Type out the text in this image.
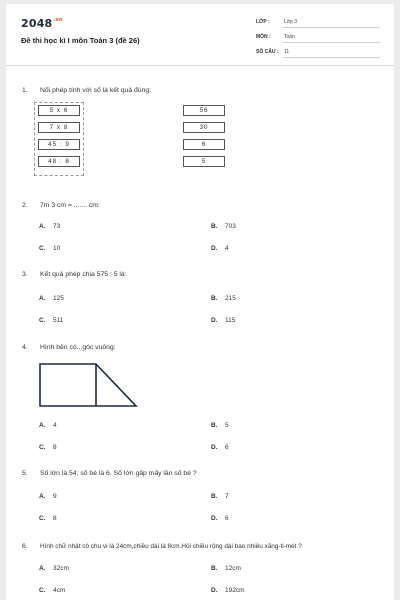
$2048^{.vn}$
Đề thi học kì I môn Toán 3 (đề 26)
LỚP :	Lớp 3
MÔN :	Toán
SỐ CÂU : 11
1. Nối phép tính với số là kết quả đúng:
5 x 6
7 x 8
45 : 9
48 : 8
56
30
6
5
2. 7m 3 cm = ....... cm:
A. 73	B. 703
C. 10	D. 4
3. Kết quả phép chia 575 : 5 là:
A. 125	B. 215
C. 511	D. 115
4. Hình bên có...góc vuông:
A. 4	B. 5
C. 8	D. 6
5. Số lớn là 54; số bé là 6. Số lớn gấp mấy lần số bé ?
A. 9	B. 7
C. 8	D. 6
6. Hình chữ nhật có chu vi là 24cm,chiều dài là 8cm.Hỏi chiều rộng dài bao nhiêu xăng-ti-mét ?
A. 32cm	B. 12cm
C. 4cm	D. 192cm
